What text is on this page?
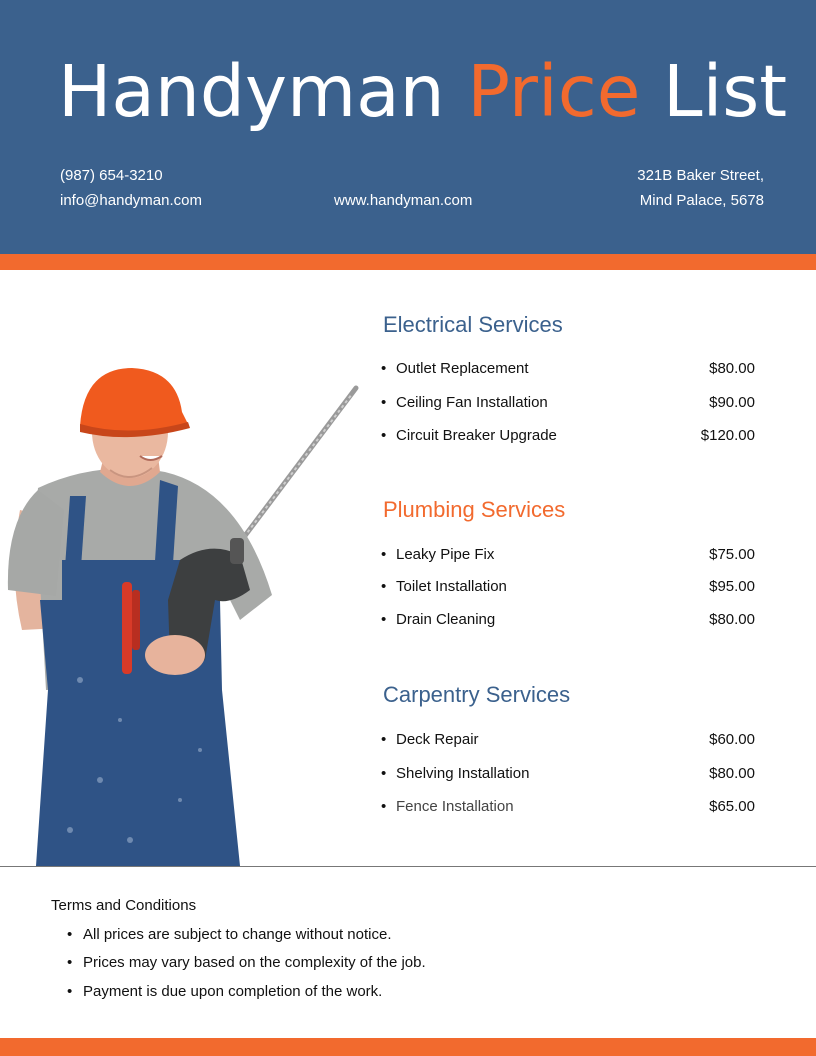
Handyman Price List
(987) 654-3210
info@handyman.com	www.handyman.com
321B Baker Street,
Mind Palace, 5678
Electrical Services
• Outlet Replacement	$80.00
• Ceiling Fan Installation	$90.00
• Circuit Breaker Upgrade	$120.00
Plumbing Services
• Leaky Pipe Fix	$75.00
• Toilet Installation	$95.00
• Drain Cleaning	$80.00
Carpentry Services
• Deck Repair	$60.00
• Shelving Installation	$80.00
• Fence Installation	$65.00
Terms and Conditions
• All prices are subject to change without notice.
• Prices may vary based on the complexity of the job.
• Payment is due upon completion of the work.
